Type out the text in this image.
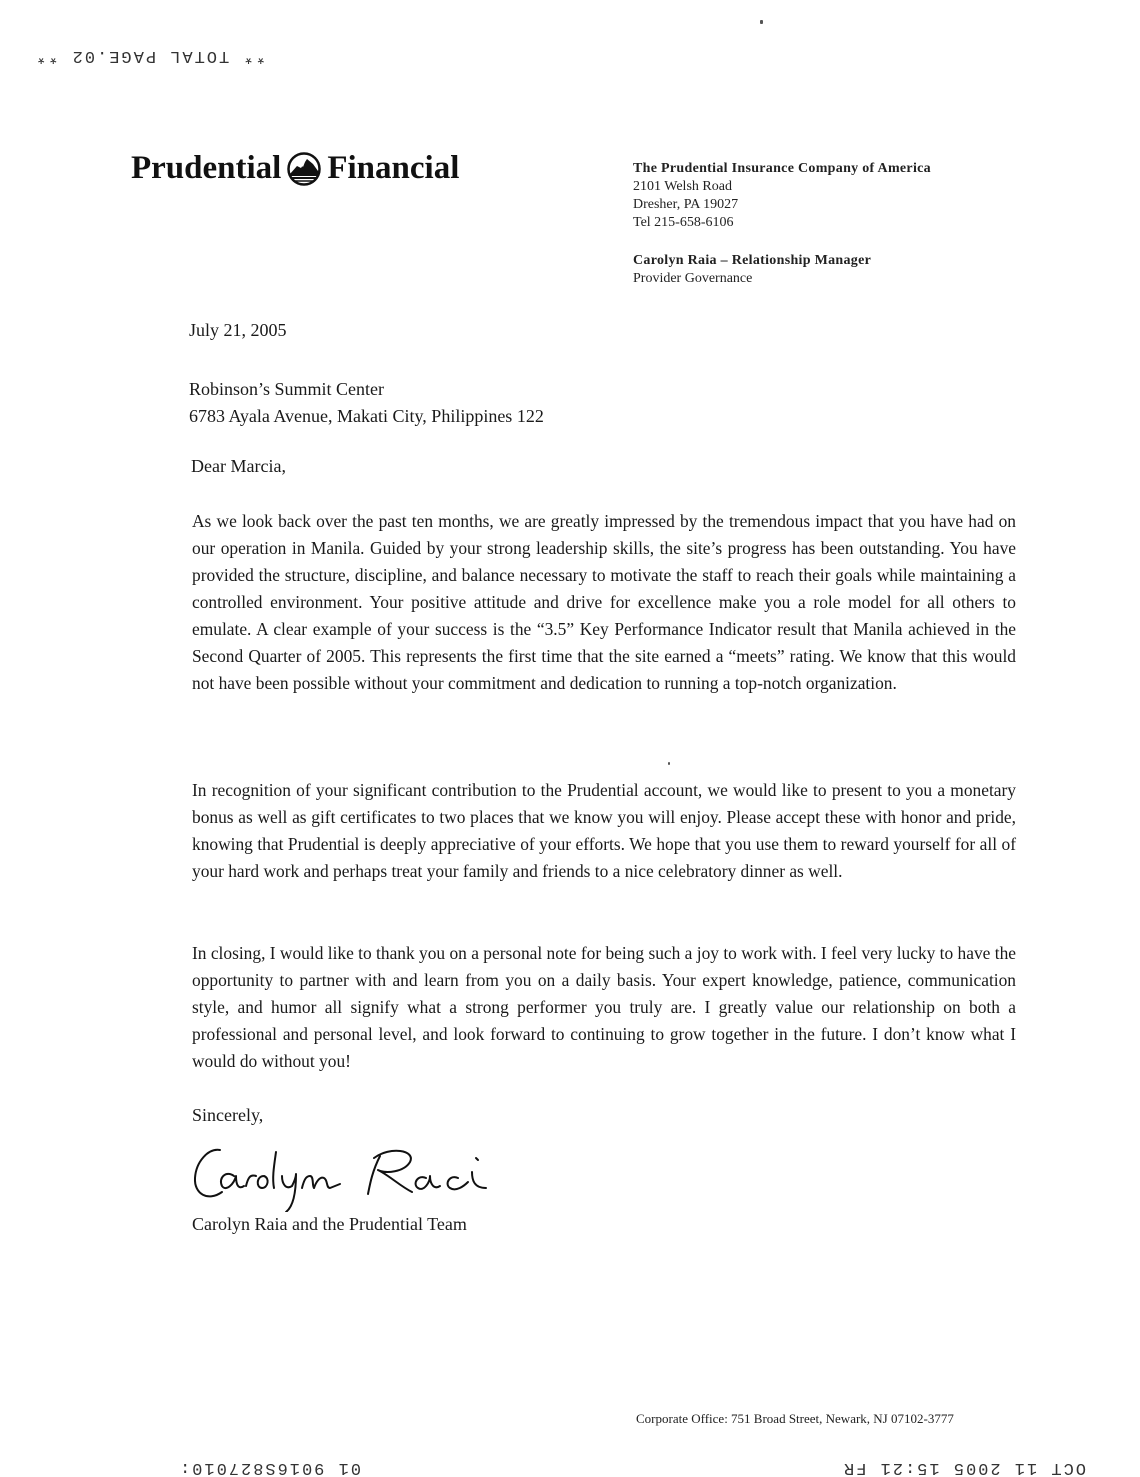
** TOTAL PAGE.02 **
Prudential Financial	The Prudential Insurance Company of America
2101 Welsh Road
Dresher, PA 19027
Tel 215-658-6106
Carolyn Raia – Relationship Manager
Provider Governance
July 21, 2005
Robinson’s Summit Center
6783 Ayala Avenue, Makati City, Philippines 122
Dear Marcia,
As we look back over the past ten months, we are greatly impressed by the tremendous impact that you have had on our operation in Manila. Guided by your strong leadership skills, the site’s progress has been outstanding. You have provided the structure, discipline, and balance necessary to motivate the staff to reach their goals while maintaining a controlled environment. Your positive attitude and drive for excellence make you a role model for all others to emulate. A clear example of your success is the “3.5” Key Performance Indicator result that Manila achieved in the Second Quarter of 2005. This represents the first time that the site earned a “meets” rating. We know that this would not have been possible without your commitment and dedication to running a top-notch organization.
In recognition of your significant contribution to the Prudential account, we would like to present to you a monetary bonus as well as gift certificates to two places that we know you will enjoy. Please accept these with honor and pride, knowing that Prudential is deeply appreciative of your efforts. We hope that you use them to reward yourself for all of your hard work and perhaps treat your family and friends to a nice celebratory dinner as well.
In closing, I would like to thank you on a personal note for being such a joy to work with. I feel very lucky to have the opportunity to partner with and learn from you on a daily basis. Your expert knowledge, patience, communication style, and humor all signify what a strong performer you truly are. I greatly value our relationship on both a professional and personal level, and look forward to continuing to grow together in the future. I don’t know what I would do without you!
Sincerely,
Carolyn Raia and the Prudential Team
Corporate Office: 751 Broad Street, Newark, NJ 07102-3777
01 9016S827010:	OCT 11 2005 15:21 FR
